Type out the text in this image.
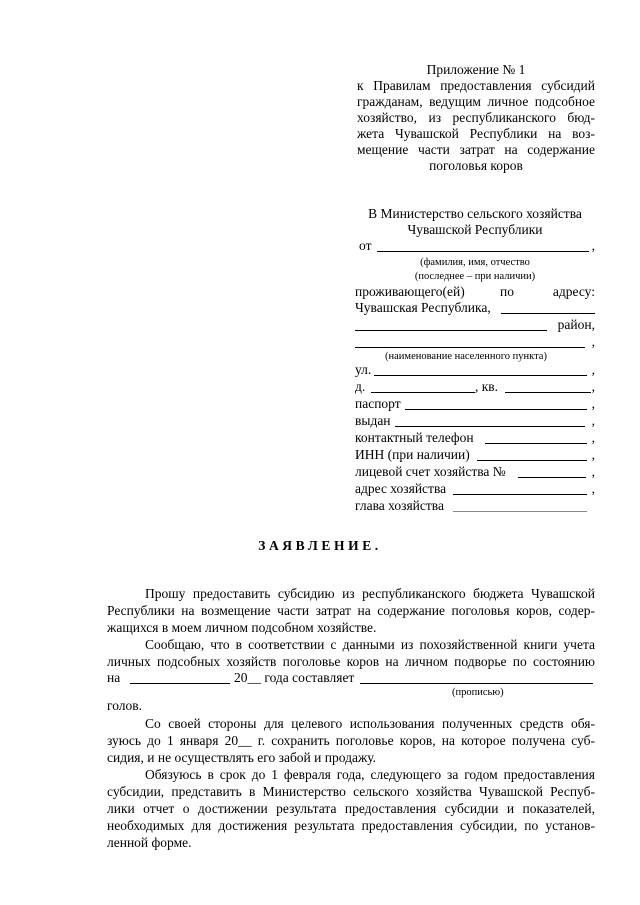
Приложение № 1
к Правилам предоставления субсидий
гражданам, ведущим личное подсобное
хозяйство, из республиканского бюд-
жета Чувашской Республики на воз-
мещение части затрат на содержание
поголовья коров
В Министерство сельского хозяйства
Чувашской Республики
от	,
(фамилия, имя, отчество
(последнее – при наличии)
проживающего(ей)	по	адресу:
Чувашская Республика,
район,
,
(наименование населенного пункта)
ул.	,
д.	, кв.	,
паспорт	,
выдан	,
контактный телефон	,
ИНН (при наличии)	,
лицевой счет хозяйства №	,
адрес хозяйства	,
глава хозяйства
ЗАЯВЛЕНИЕ.
Прошу предоставить субсидию из республиканского бюджета Чувашской
Республики на возмещение части затрат на содержание поголовья коров, содер-
жащихся в моем личном подсобном хозяйстве.
Сообщаю, что в соответствии с данными из похозяйственной книги учета
личных подсобных хозяйств поголовье коров на личном подворье по состоянию
на	20__ года составляет
(прописью)
голов.
Со своей стороны для целевого использования полученных средств обя-
зуюсь до 1 января 20__ г. сохранить поголовье коров, на которое получена суб-
сидия, и не осуществлять его забой и продажу.
Обязуюсь в срок до 1 февраля года, следующего за годом предоставления
субсидии, представить в Министерство сельского хозяйства Чувашской Респуб-
лики отчет о достижении результата предоставления субсидии и показателей,
необходимых для достижения результата предоставления субсидии, по установ-
ленной форме.
